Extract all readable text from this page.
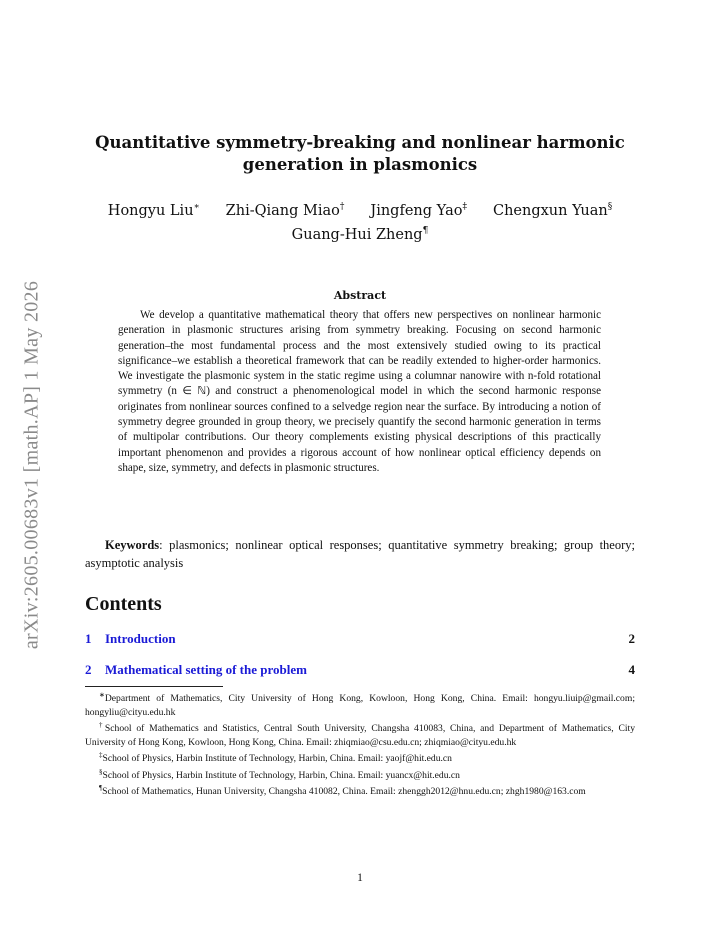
arXiv:2605.00683v1 [math.AP] 1 May 2026
Quantitative symmetry-breaking and nonlinear harmonic
generation in plasmonics
Hongyu Liu∗ Zhi-Qiang Miao† Jingfeng Yao‡ Chengxun Yuan§
Guang-Hui Zheng¶
Abstract
We develop a quantitative mathematical theory that offers new perspectives on nonlinear harmonic generation in plasmonic structures arising from symmetry breaking. Focusing on second harmonic generation–the most fundamental process and the most extensively studied owing to its practical significance–we establish a theoretical framework that can be readily extended to higher-order harmonics. We investigate the plasmonic system in the static regime using a columnar nanowire with n-fold rotational symmetry (n ∈ ℕ) and construct a phenomenological model in which the second harmonic response originates from nonlinear sources confined to a selvedge region near the surface. By introducing a notion of symmetry degree grounded in group theory, we precisely quantify the second harmonic generation in terms of multipolar contributions. Our theory complements existing physical descriptions of this practically important phenomenon and provides a rigorous account of how nonlinear optical efficiency depends on shape, size, symmetry, and defects in plasmonic structures.
Keywords: plasmonics; nonlinear optical responses; quantitative symmetry breaking; group theory; asymptotic analysis
Contents
1 Introduction	2
2 Mathematical setting of the problem	4
∗Department of Mathematics, City University of Hong Kong, Kowloon, Hong Kong, China. Email: hongyu.liuip@gmail.com; hongyliu@cityu.edu.hk
†School of Mathematics and Statistics, Central South University, Changsha 410083, China, and Department of Mathematics, City University of Hong Kong, Kowloon, Hong Kong, China. Email: zhiqmiao@csu.edu.cn; zhiqmiao@cityu.edu.hk
‡School of Physics, Harbin Institute of Technology, Harbin, China. Email: yaojf@hit.edu.cn
§School of Physics, Harbin Institute of Technology, Harbin, China. Email: yuancx@hit.edu.cn
¶School of Mathematics, Hunan University, Changsha 410082, China. Email: zhenggh2012@hnu.edu.cn; zhgh1980@163.com
1
